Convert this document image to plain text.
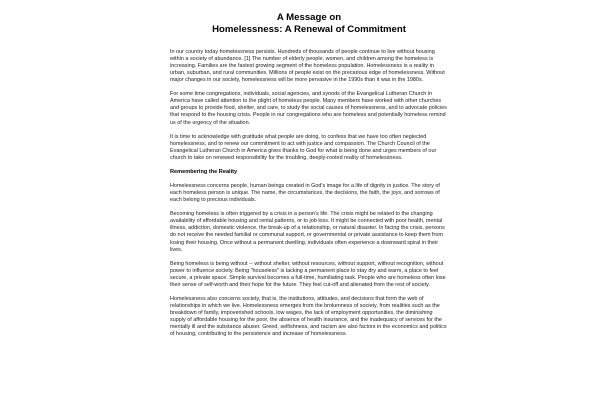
A Message on
Homelessness: A Renewal of Commitment

In our country today homelessness persists. Hundreds of thousands of people continue to live without housing within a society of abundance. [1] The number of elderly people, women, and children among the homeless is increasing. Families are the fastest growing segment of the homeless population. Homelessness is a reality in urban, suburban, and rural communities. Millions of people exist on the precarious edge of homelessness. Without major changes in our society, homelessness will be more pervasive in the 1990s than it was in the 1980s.

For some time congregations, individuals, social agencies, and synods of the Evangelical Lutheran Church in America have called attention to the plight of homeless people. Many members have worked with other churches and groups to provide food, shelter, and care, to study the social causes of homelessness, and to advocate policies that respond to the housing crisis. People in our congregations who are homeless and potentially homeless remind us of the urgency of the situation.

It is time to acknowledge with gratitude what people are doing, to confess that we have too often neglected homelessness, and to renew our commitment to act with justice and compassion. The Church Council of the Evangelical Lutheran Church in America gives thanks to God for what is being done and urges members of our church to take on renewed responsibility for the troubling, deeply-rooted reality of homelessness.

Remembering the Reality

Homelessness concerns people, human beings created in God's image for a life of dignity in justice. The story of each homeless person is unique. The name, the circumstances, the decisions, the faith, the joys, and sorrows of each belong to precious individuals.

Becoming homeless is often triggered by a crisis in a person's life. The crisis might be related to the changing availability of affordable housing and rental patterns, or to job loss. It might be connected with poor health, mental illness, addiction, domestic violence, the break-up of a relationship, or natural disaster. In facing the crisis, persons do not receive the needed familial or communal support, or governmental or private assistance to keep them from losing their housing. Once without a permanent dwelling, individuals often experience a downward spiral in their lives.

Being homeless is being without -- without shelter, without resources, without support, without recognition, without power to influence society. Being "houseless" is lacking a permanent place to stay dry and warm, a place to feel secure, a private space. Simple survival becomes a full-time, humiliating task. People who are homeless often lose their sense of self-worth and their hope for the future. They feel cut-off and alienated from the rest of society.

Homelessness also concerns society, that is, the institutions, attitudes, and decisions that form the web of relationships in which we live. Homelessness emerges from the brokenness of society, from realities such as the breakdown of family, impoverished schools, low wages, the lack of employment opportunities, the diminishing supply of affordable housing for the poor, the absence of health insurance, and the inadequacy of services for the mentally ill and the substance abuser. Greed, selfishness, and racism are also factors in the economics and politics of housing, contributing to the persistence and increase of homelessness.
